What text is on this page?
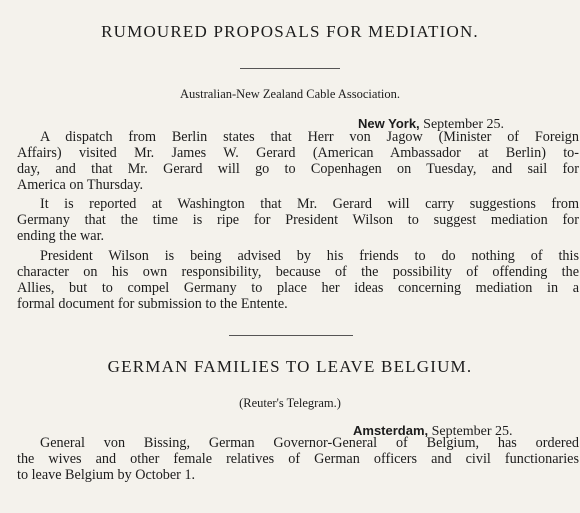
RUMOURED PROPOSALS FOR MEDIATION.
Australian-New Zealand Cable Association.
New York, September 25.
A dispatch from Berlin states that Herr von Jagow (Minister of Foreign
Affairs) visited Mr. James W. Gerard (American Ambassador at Berlin) to-
day, and that Mr. Gerard will go to Copenhagen on Tuesday, and sail for
America on Thursday.
It is reported at Washington that Mr. Gerard will carry suggestions from
Germany that the time is ripe for President Wilson to suggest mediation for
ending the war.
President Wilson is being advised by his friends to do nothing of this
character on his own responsibility, because of the possibility of offending the
Allies, but to compel Germany to place her ideas concerning mediation in a
formal document for submission to the Entente.
GERMAN FAMILIES TO LEAVE BELGIUM.
(Reuter's Telegram.)
Amsterdam, September 25.
General von Bissing, German Governor-General of Belgium, has ordered
the wives and other female relatives of German officers and civil functionaries
to leave Belgium by October 1.
